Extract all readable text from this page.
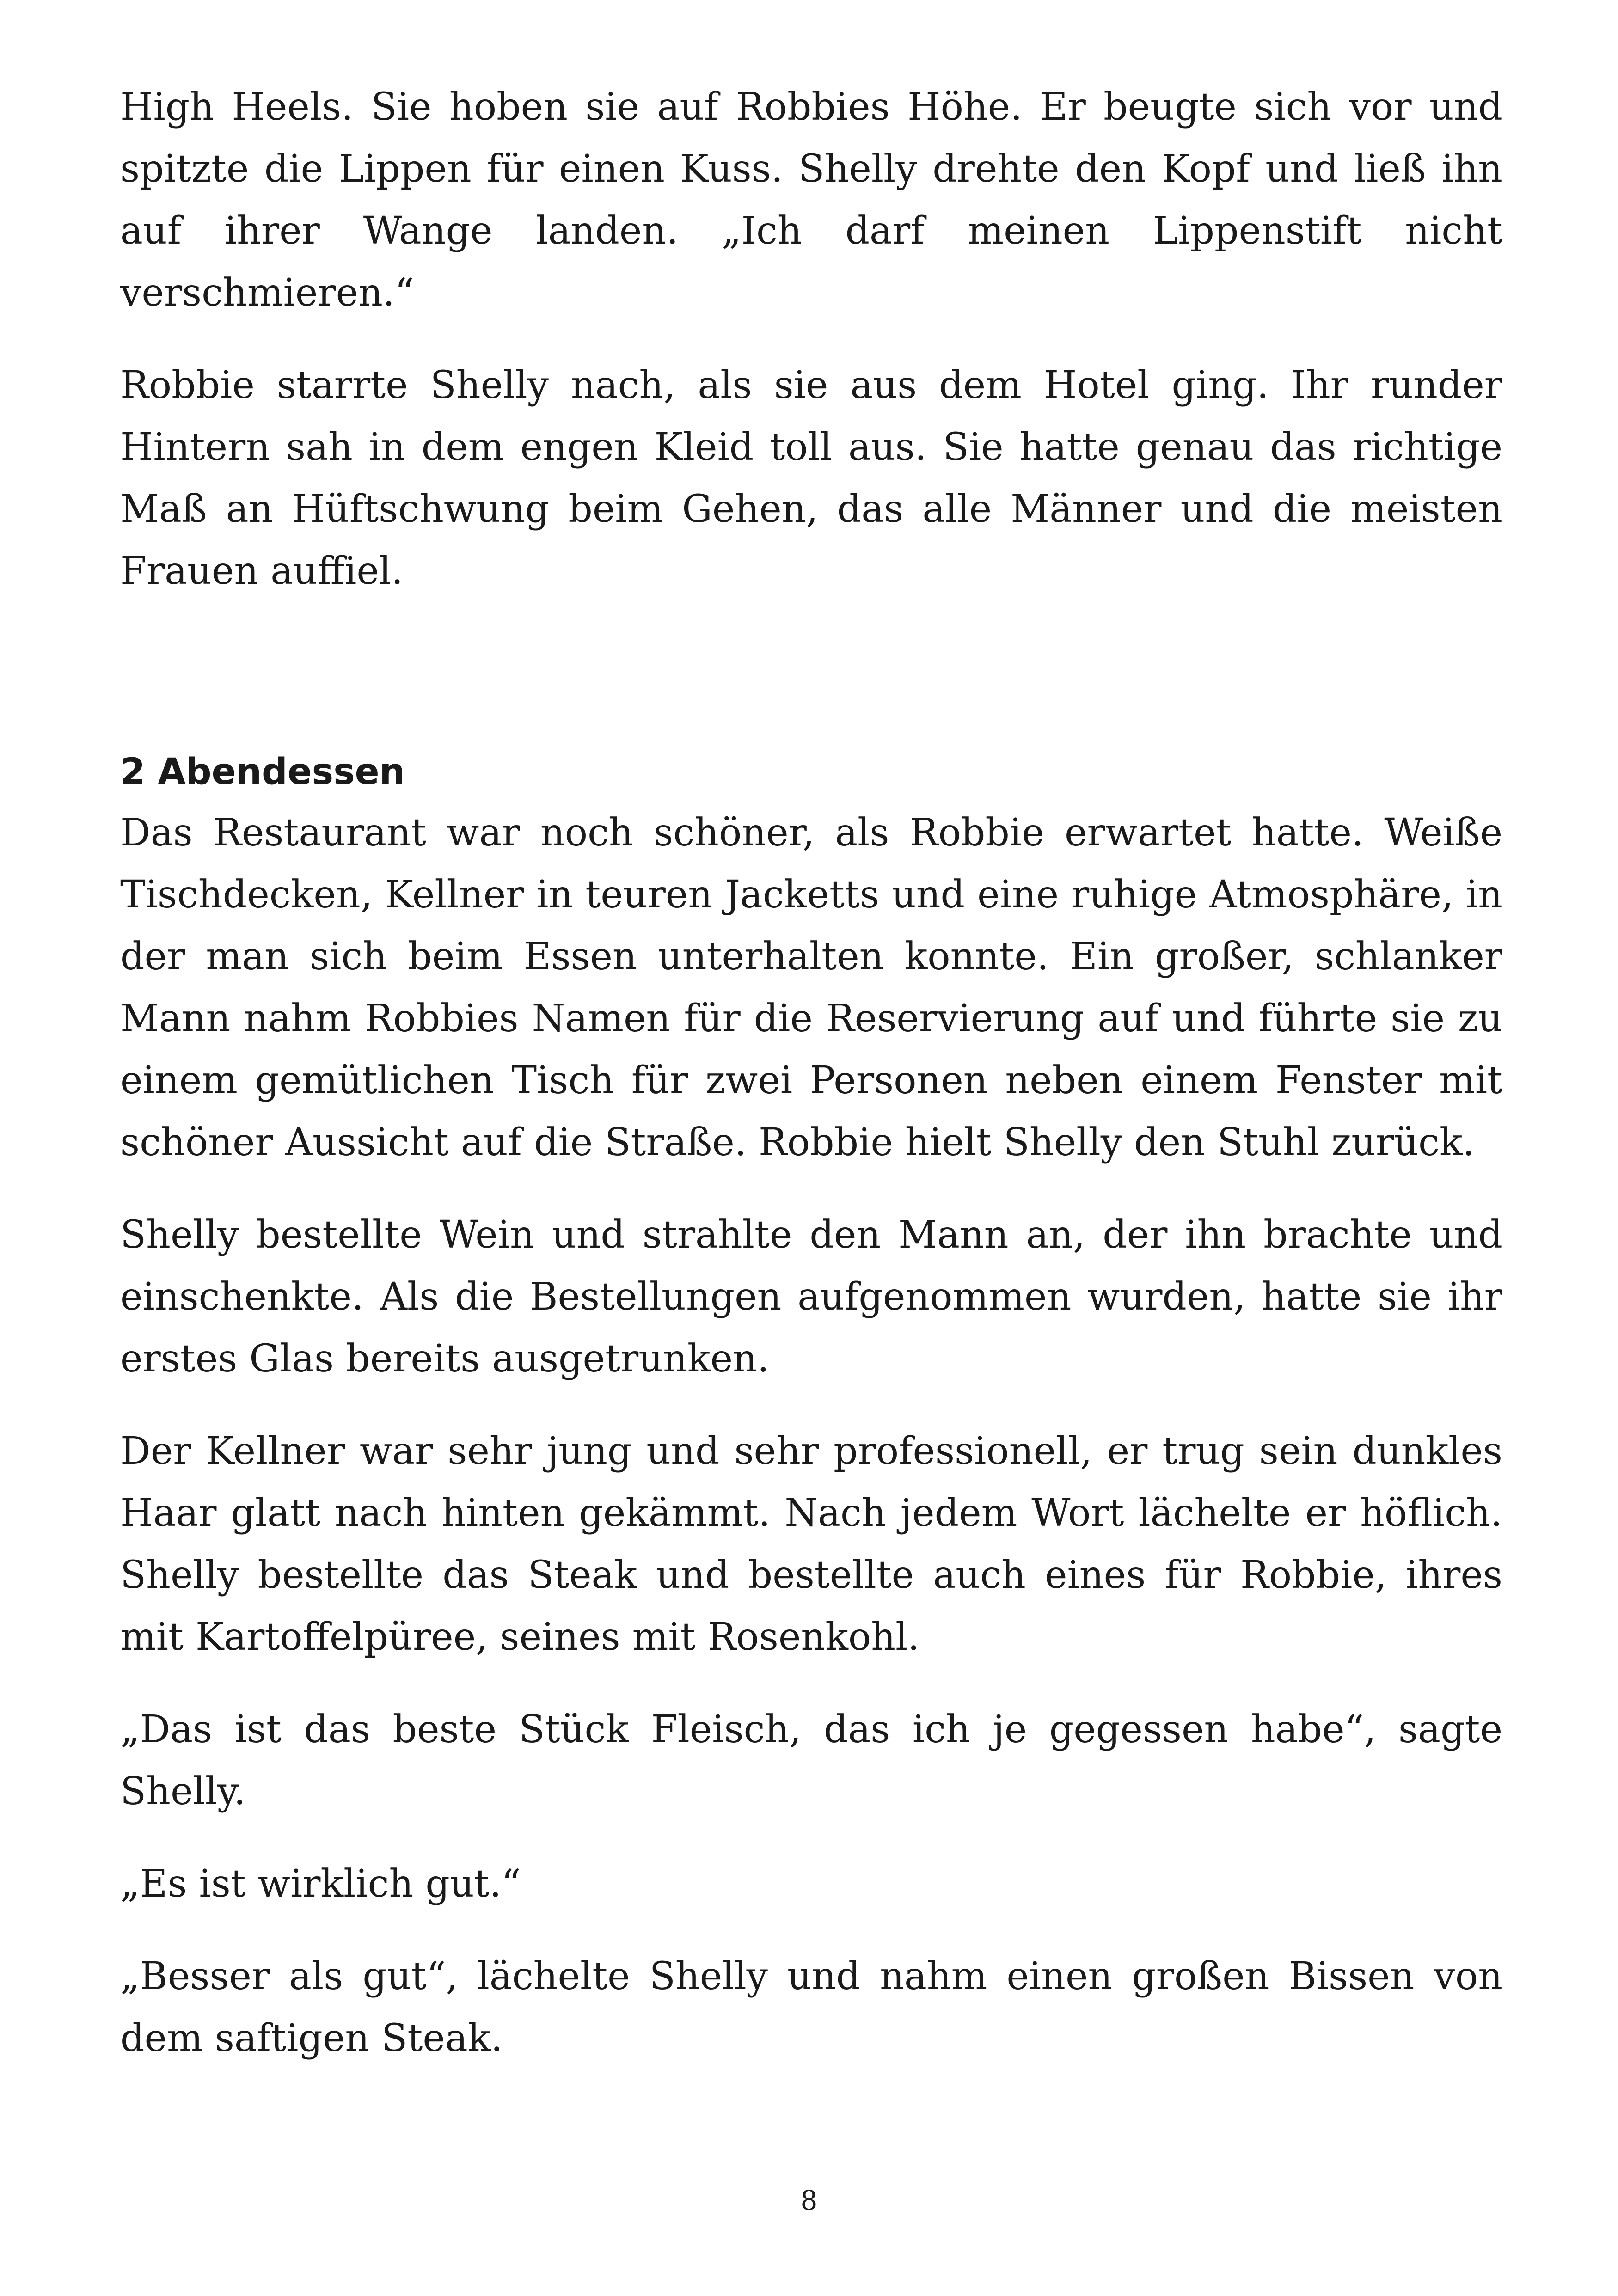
High Heels. Sie hoben sie auf Robbies Höhe. Er beugte sich vor und spitzte die Lippen für einen Kuss. Shelly drehte den Kopf und ließ ihn auf ihrer Wange landen. „Ich darf meinen Lippenstift nicht verschmieren.“

Robbie starrte Shelly nach, als sie aus dem Hotel ging. Ihr runder Hintern sah in dem engen Kleid toll aus. Sie hatte genau das richtige Maß an Hüftschwung beim Gehen, das alle Männer und die meisten Frauen auffiel.

2 Abendessen

Das Restaurant war noch schöner, als Robbie erwartet hatte. Weiße Tischdecken, Kellner in teuren Jacketts und eine ruhige Atmosphäre, in der man sich beim Essen unterhalten konnte. Ein großer, schlanker Mann nahm Robbies Namen für die Reservierung auf und führte sie zu einem gemütlichen Tisch für zwei Personen neben einem Fenster mit schöner Aussicht auf die Straße. Robbie hielt Shelly den Stuhl zurück.

Shelly bestellte Wein und strahlte den Mann an, der ihn brachte und einschenkte. Als die Bestellungen aufgenommen wurden, hatte sie ihr erstes Glas bereits ausgetrunken.

Der Kellner war sehr jung und sehr professionell, er trug sein dunkles Haar glatt nach hinten gekämmt. Nach jedem Wort lächelte er höflich. Shelly bestellte das Steak und bestellte auch eines für Robbie, ihres mit Kartoffelpüree, seines mit Rosenkohl.

„Das ist das beste Stück Fleisch, das ich je gegessen habe“, sagte Shelly.

„Es ist wirklich gut.“

„Besser als gut“, lächelte Shelly und nahm einen großen Bissen von dem saftigen Steak.

8
